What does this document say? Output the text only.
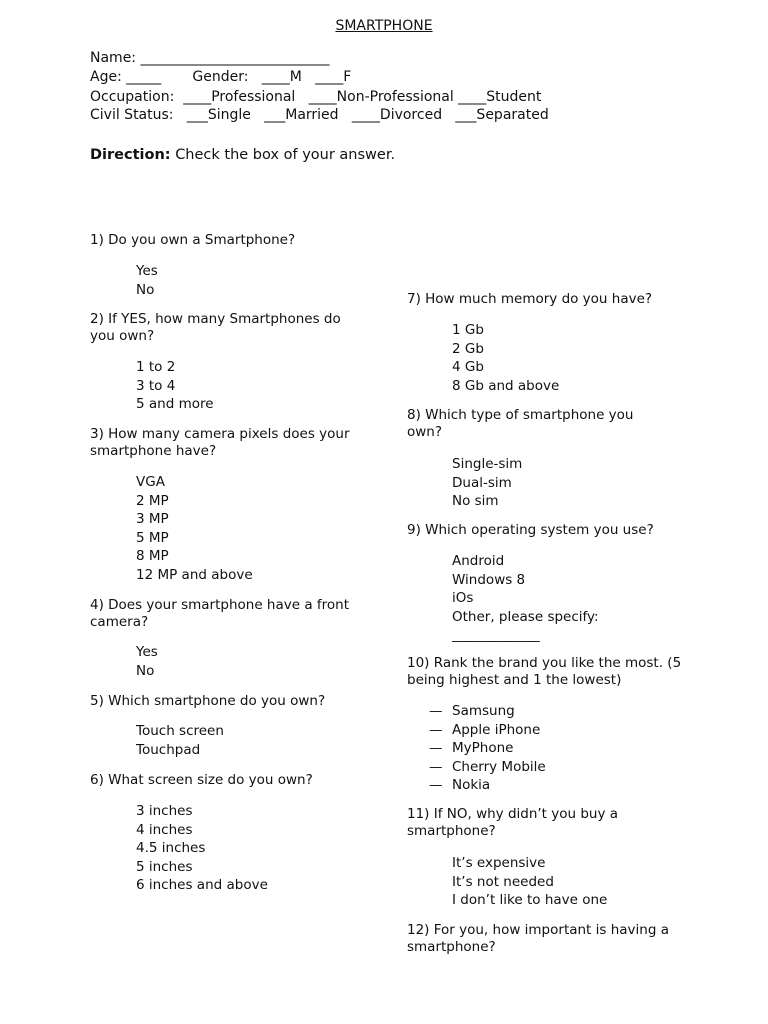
SMARTPHONE
Name: ___________________________
Age: _____       Gender:   ____M   ____F
Occupation:  ____Professional   ____Non-Professional ____Student
Civil Status:   ___Single   ___Married   ____Divorced   ___Separated
Direction: Check the box of your answer.
1) Do you own a Smartphone?
Yes
No
2) If YES, how many Smartphones do you own?
1 to 2
3 to 4
5 and more
3) How many camera pixels does your smartphone have?
VGA
2 MP
3 MP
5 MP
8 MP
12 MP and above
4) Does your smartphone have a front camera?
Yes
No
5) Which smartphone do you own?
Touch screen
Touchpad
6) What screen size do you own?
3 inches
4 inches
4.5 inches
5 inches
6 inches and above
7) How much memory do you have?
1 Gb
2 Gb
4 Gb
8 Gb and above
8) Which type of smartphone you own?
Single-sim
Dual-sim
No sim
9) Which operating system you use?
Android
Windows 8
iOs
Other, please specify:
_____________
10) Rank the brand you like the most. (5 being highest and 1 the lowest)
— Samsung
— Apple iPhone
— MyPhone
— Cherry Mobile
— Nokia
11) If NO, why didn’t you buy a smartphone?
It’s expensive
It’s not needed
I don’t like to have one
12) For you, how important is having a smartphone?
